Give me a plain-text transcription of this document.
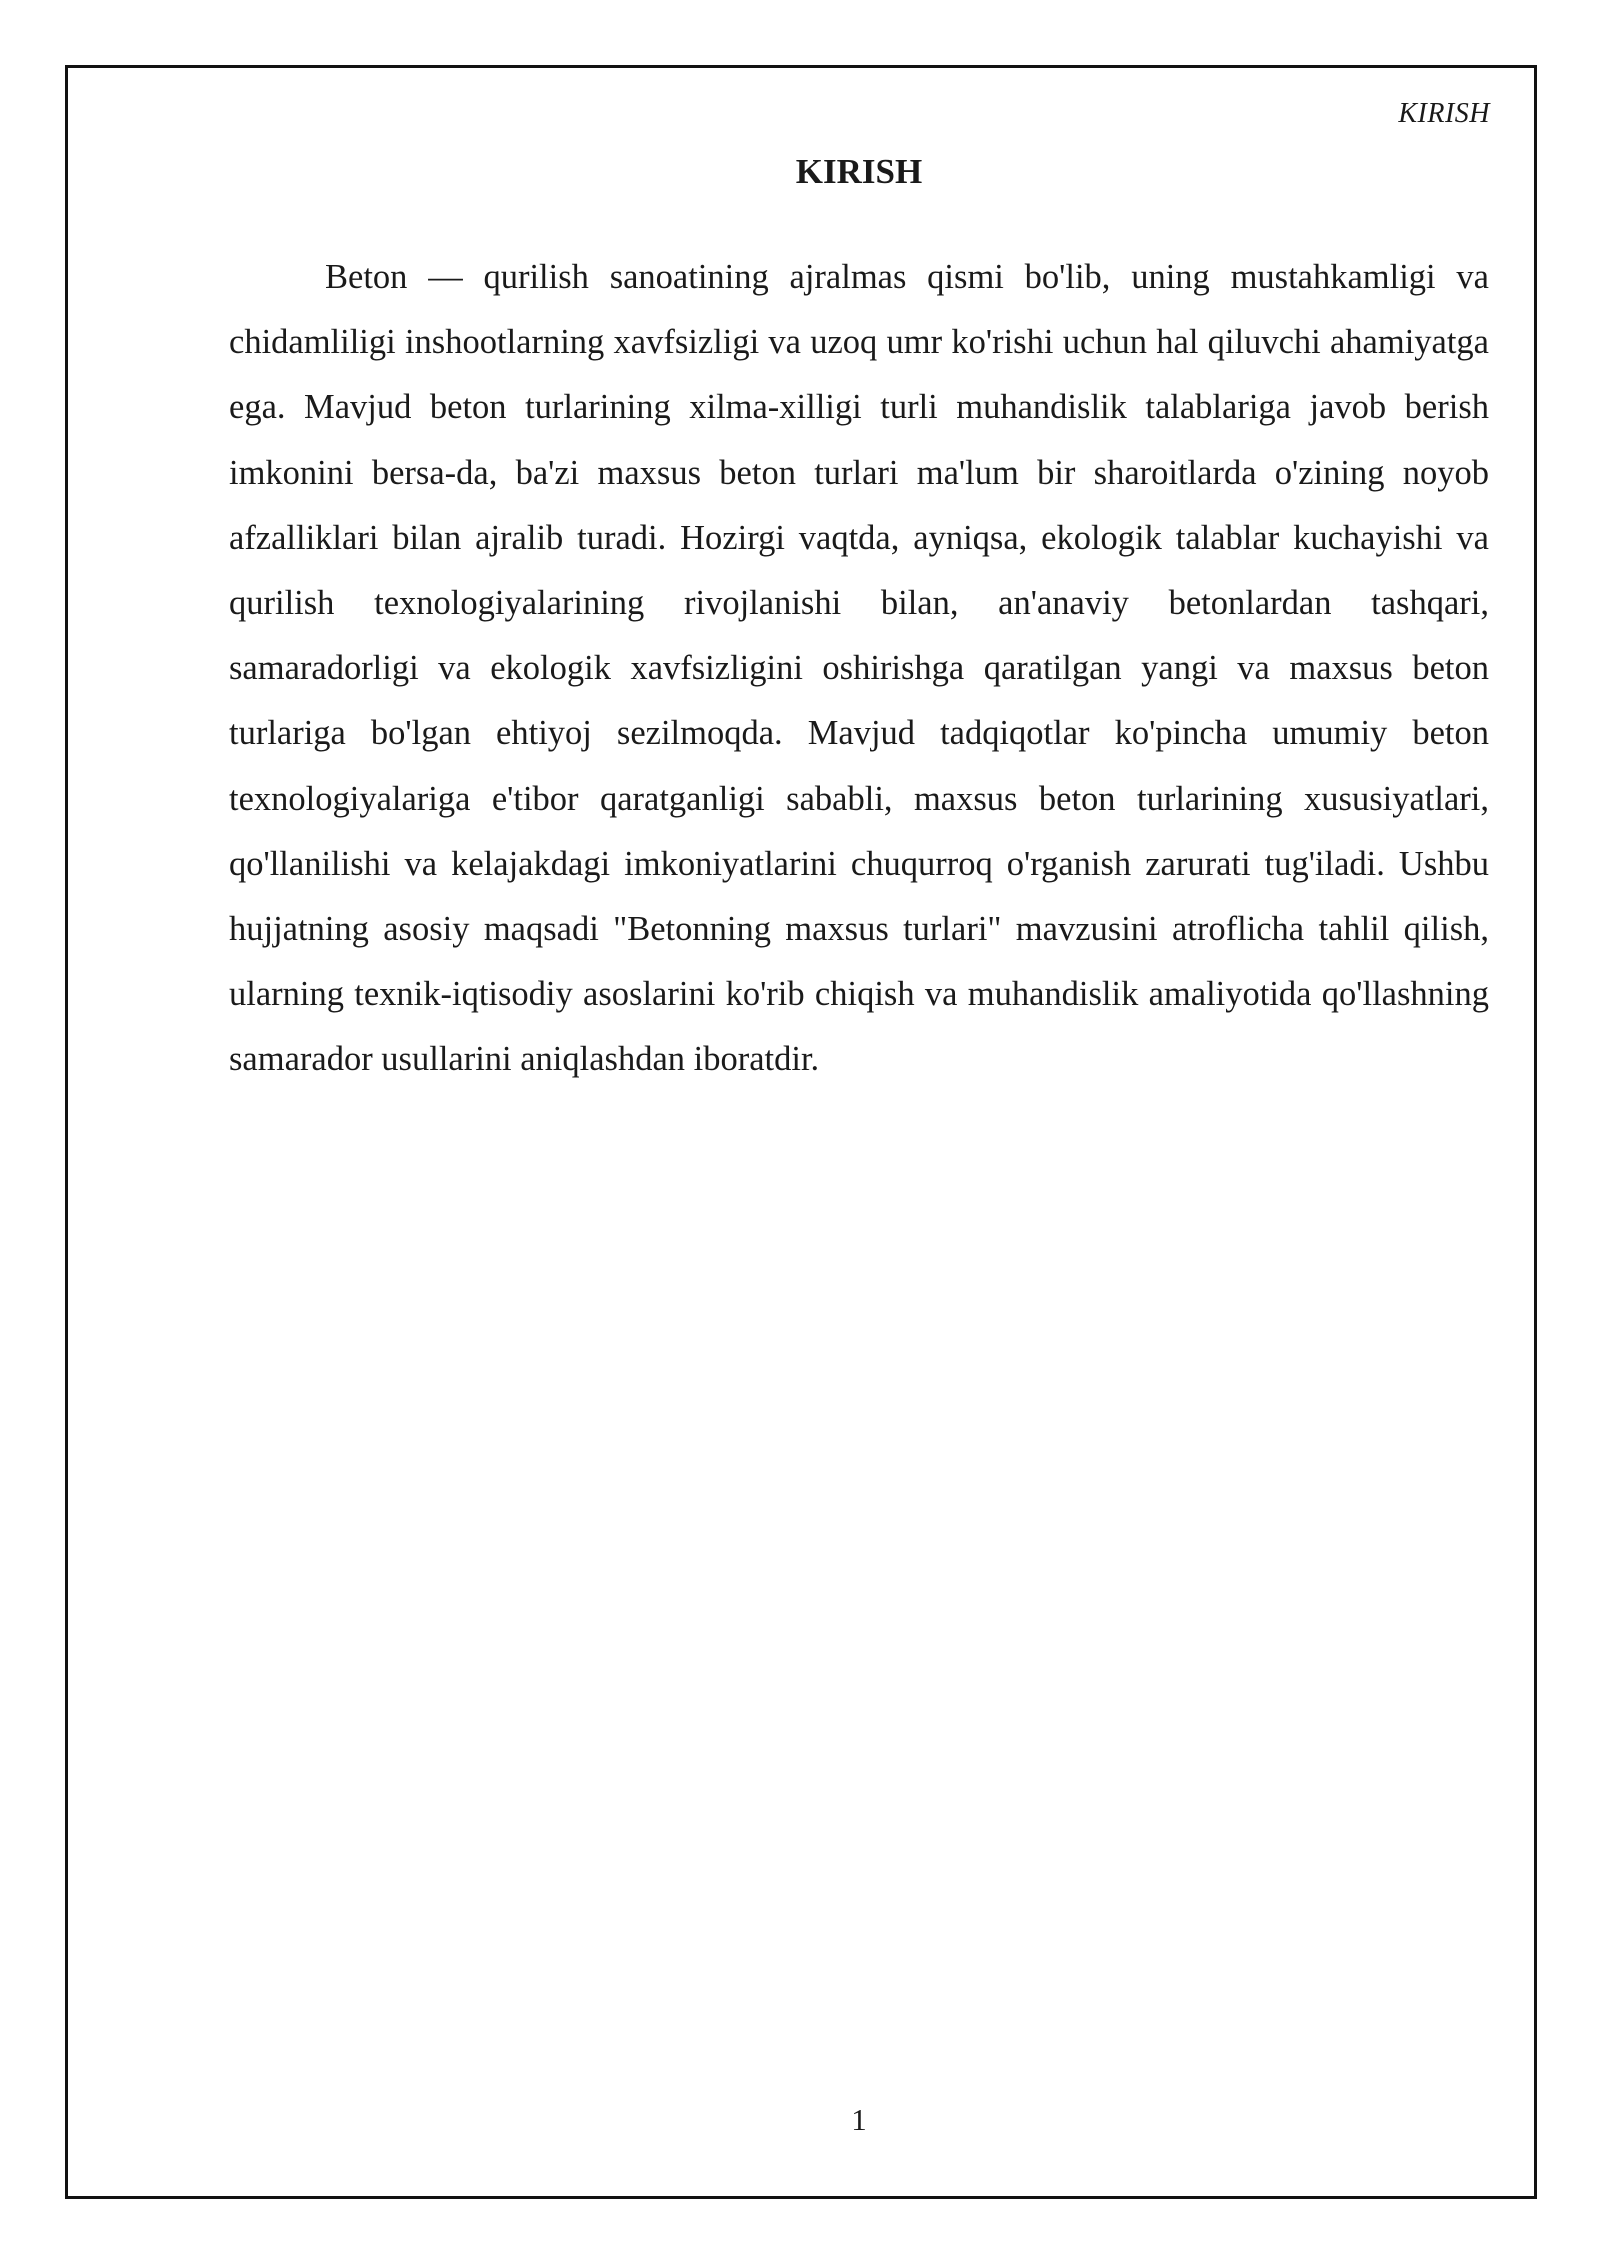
KIRISH
KIRISH

Beton — qurilish sanoatining ajralmas qismi bo'lib, uning mustahkamligi va chidamliligi inshootlarning xavfsizligi va uzoq umr ko'rishi uchun hal qiluvchi ahamiyatga ega. Mavjud beton turlarining xilma-xilligi turli muhandislik talablariga javob berish imkonini bersa-da, ba'zi maxsus beton turlari ma'lum bir sharoitlarda o'zining noyob afzalliklari bilan ajralib turadi. Hozirgi vaqtda, ayniqsa, ekologik talablar kuchayishi va qurilish texnologiyalarining rivojlanishi bilan, an'anaviy betonlardan tashqari, samaradorligi va ekologik xavfsizligini oshirishga qaratilgan yangi va maxsus beton turlariga bo'lgan ehtiyoj sezilmoqda. Mavjud tadqiqotlar ko'pincha umumiy beton texnologiyalariga e'tibor qaratganligi sababli, maxsus beton turlarining xususiyatlari, qo'llanilishi va kelajakdagi imkoniyatlarini chuqurroq o'rganish zarurati tug'iladi. Ushbu hujjatning asosiy maqsadi "Betonning maxsus turlari" mavzusini atroflicha tahlil qilish, ularning texnik-iqtisodiy asoslarini ko'rib chiqish va muhandislik amaliyotida qo'llashning samarador usullarini aniqlashdan iboratdir.

1
